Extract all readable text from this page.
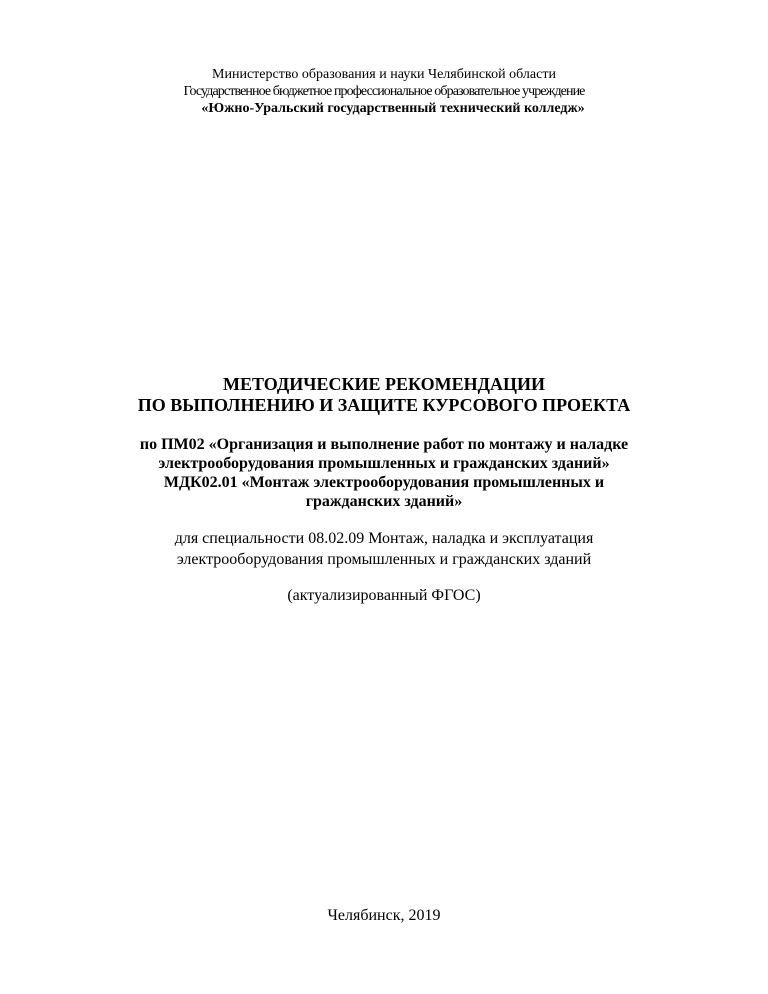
Министерство образования и науки Челябинской области
Государственное бюджетное профессиональное образовательное учреждение
«Южно-Уральский государственный технический колледж»
МЕТОДИЧЕСКИЕ РЕКОМЕНДАЦИИ
ПО ВЫПОЛНЕНИЮ И ЗАЩИТЕ КУРСОВОГО ПРОЕКТА
по ПМ02 «Организация и выполнение работ по монтажу и наладке
электрооборудования промышленных и гражданских зданий»
МДК02.01 «Монтаж электрооборудования промышленных и
гражданских зданий»
для специальности 08.02.09 Монтаж, наладка и эксплуатация
электрооборудования промышленных и гражданских зданий
(актуализированный ФГОС)
Челябинск, 2019
